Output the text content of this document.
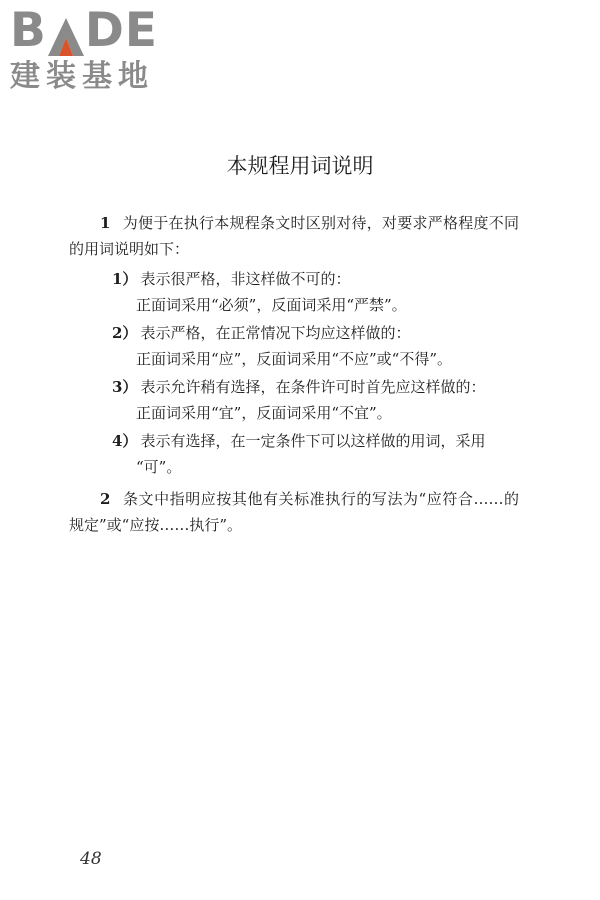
B DE
建装基地
本规程用词说明

1 为便于在执行本规程条文时区别对待，对要求严格程度不同的用词说明如下：

1） 表示很严格，非这样做不可的：
正面词采用“必须”，反面词采用“严禁”。
2） 表示严格，在正常情况下均应这样做的：
正面词采用“应”，反面词采用“不应”或“不得”。
3） 表示允许稍有选择，在条件许可时首先应这样做的：
正面词采用“宜”，反面词采用“不宜”。
4） 表示有选择，在一定条件下可以这样做的用词，采用
“可”。

2 条文中指明应按其他有关标准执行的写法为“应符合……的规定”或“应按……执行”。

48
